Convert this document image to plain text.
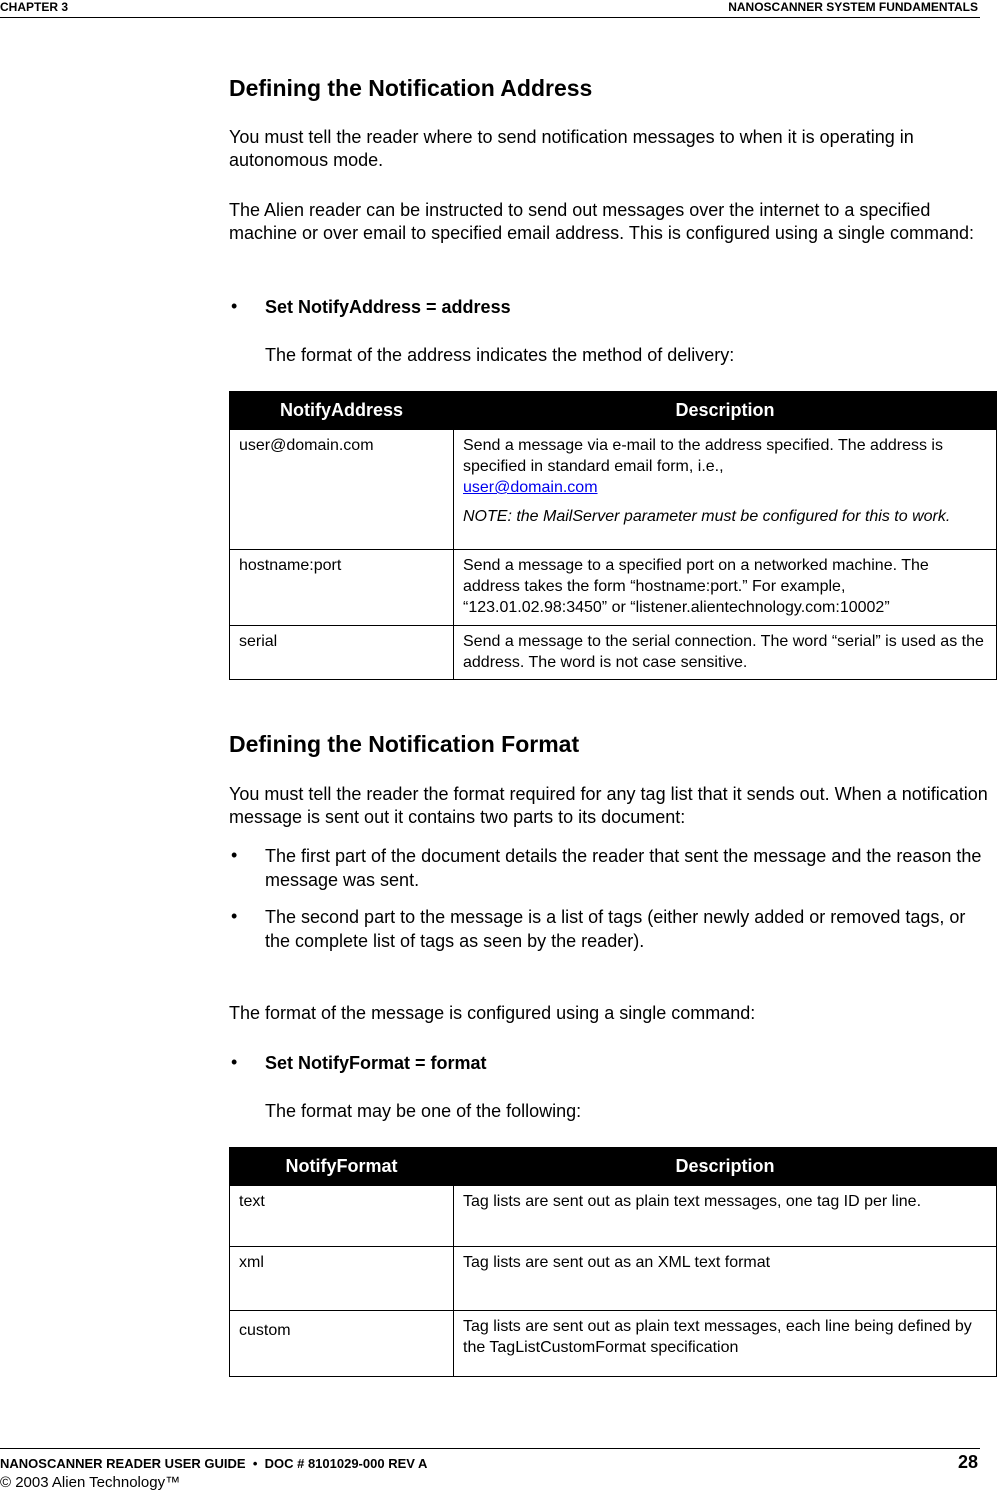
CHAPTER 3	NANOSCANNER SYSTEM FUNDAMENTALS
Defining the Notification Address

You must tell the reader where to send notification messages to when it is operating in autonomous mode.

The Alien reader can be instructed to send out messages over the internet to a specified machine or over email to specified email address. This is configured using a single command:

• Set NotifyAddress = address

The format of the address indicates the method of delivery:

NotifyAddress	Description
user@domain.com	Send a message via e-mail to the address specified. The address is specified in standard email form, i.e.,
user@domain.com
NOTE: the MailServer parameter must be configured for this to work.

hostname:port	Send a message to a specified port on a networked machine. The address takes the form “hostname:port.” For example, “123.01.02.98:3450” or “listener.alientechnology.com:10002”
serial	Send a message to the serial connection. The word “serial” is used as the address. The word is not case sensitive.
Defining the Notification Format

You must tell the reader the format required for any tag list that it sends out. When a notification message is sent out it contains two parts to its document:

• The first part of the document details the reader that sent the message and the reason the message was sent.

• The second part to the message is a list of tags (either newly added or removed tags, or the complete list of tags as seen by the reader).

The format of the message is configured using a single command:

• Set NotifyFormat = format

The format may be one of the following:

NotifyFormat	Description
text	Tag lists are sent out as plain text messages, one tag ID per line.
xml	Tag lists are sent out as an XML text format
custom	Tag lists are sent out as plain text messages, each line being defined by the TagListCustomFormat specification
NANOSCANNER READER USER GUIDE • DOC # 8101029-000 REV A	28
© 2003 Alien Technology™
